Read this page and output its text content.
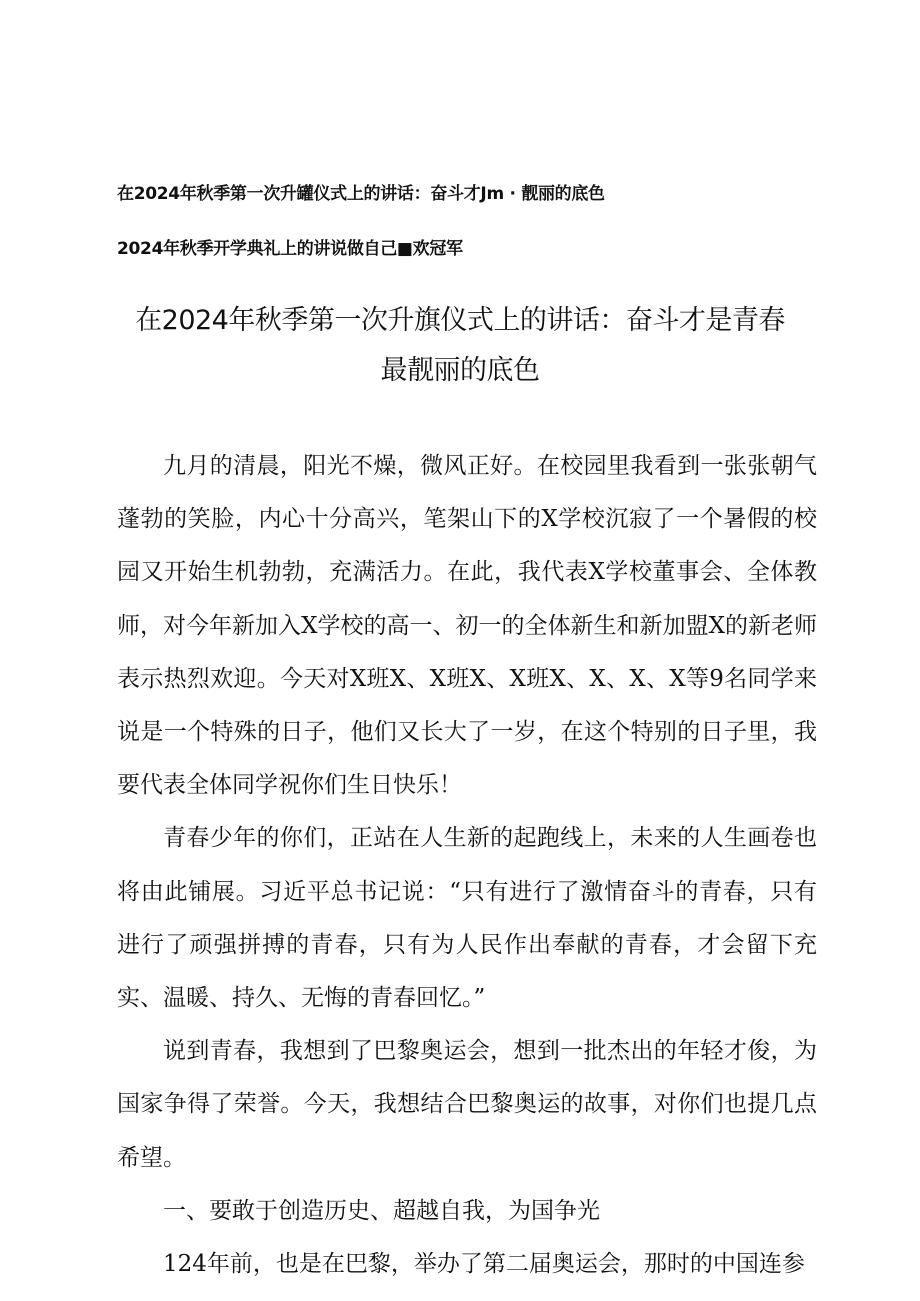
在2024年秋季第一次升罐仪式上的讲话：奋斗才Jm · 靓丽的底色
2024年秋季开学典礼上的讲说做自己■欢冠军
在2024年秋季第一次升旗仪式上的讲话：奋斗才是青春
最靓丽的底色

九月的清晨，阳光不燥，微风正好。在校园里我看到一张张朝气蓬勃的笑脸，内心十分高兴，笔架山下的X学校沉寂了一个暑假的校园又开始生机勃勃，充满活力。在此，我代表X学校董事会、全体教师，对今年新加入X学校的高一、初一的全体新生和新加盟X的新老师表示热烈欢迎。今天对X班X、X班X、X班X、X、X、X等9名同学来说是一个特殊的日子，他们又长大了一岁，在这个特别的日子里，我要代表全体同学祝你们生日快乐！

青春少年的你们，正站在人生新的起跑线上，未来的人生画卷也将由此铺展。习近平总书记说：“只有进行了激情奋斗的青春，只有进行了顽强拼搏的青春，只有为人民作出奉献的青春，才会留下充实、温暖、持久、无悔的青春回忆。”

说到青春，我想到了巴黎奥运会，想到一批杰出的年轻才俊，为国家争得了荣誉。今天，我想结合巴黎奥运的故事，对你们也提几点希望。

一、要敢于创造历史、超越自我，为国争光

124年前，也是在巴黎，举办了第二届奥运会，那时的中国连参
